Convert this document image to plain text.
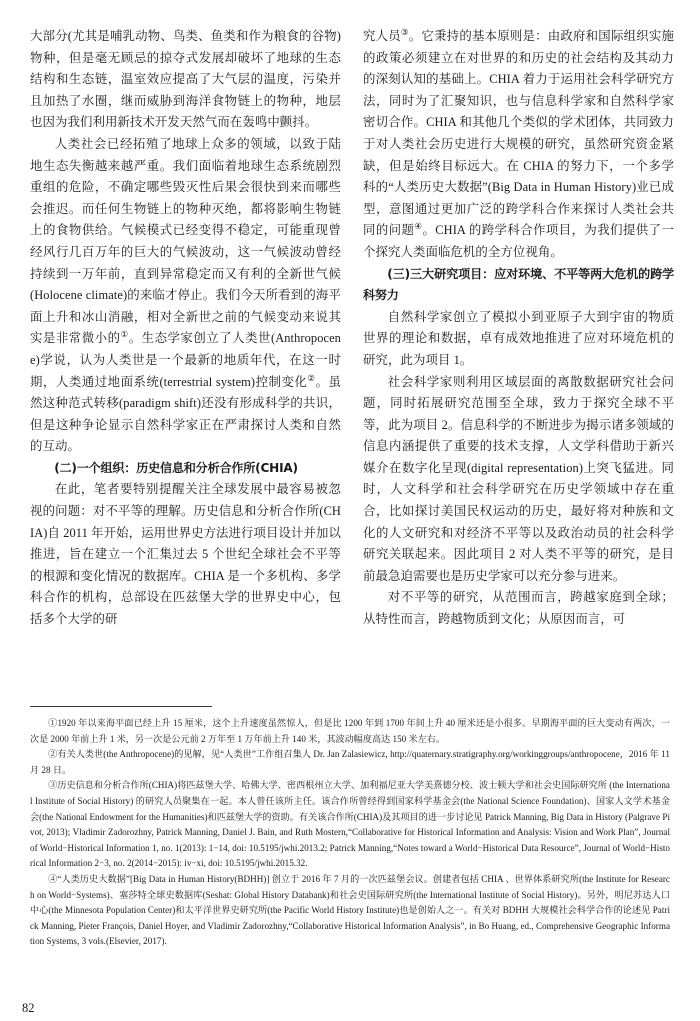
大部分(尤其是哺乳动物、鸟类、鱼类和作为粮食的谷物)物种，但是毫无顾忌的掠夺式发展却破坏了地球的生态结构和生态链，温室效应提高了大气层的温度，污染并且加热了水圈，继而威胁到海洋食物链上的物种，地层也因为我们利用新技术开发天然气而在轰鸣中颤抖。

人类社会已经拓殖了地球上众多的领域，以致于陆地生态失衡越来越严重。我们面临着地球生态系统剧烈重组的危险，不确定哪些毁灭性后果会很快到来而哪些会推迟。而任何生物链上的物种灭绝，都将影响生物链上的食物供给。气候模式已经变得不稳定，可能重现曾经风行几百万年的巨大的气候波动，这一气候波动曾经持续到一万年前，直到异常稳定而又有利的全新世气候(Holocene climate)的来临才停止。我们今天所看到的海平面上升和冰山消融，相对全新世之前的气候变动来说其实是非常微小的①。生态学家创立了人类世(Anthropocene)学说，认为人类世是一个最新的地质年代，在这一时期，人类通过地面系统(terrestrial system)控制变化②。虽然这种范式转移(paradigm shift)还没有形成科学的共识，但是这种争论显示自然科学家正在严肃探讨人类和自然的互动。

(二)一个组织：历史信息和分析合作所(CHIA)

在此，笔者要特别提醒关注全球发展中最容易被忽视的问题：对不平等的理解。历史信息和分析合作所(CHIA)自 2011 年开始，运用世界史方法进行项目设计并加以推进，旨在建立一个汇集过去 5 个世纪全球社会不平等的根源和变化情况的数据库。CHIA 是一个多机构、多学科合作的机构，总部设在匹兹堡大学的世界史中心，包括多个大学的研

究人员③。它秉持的基本原则是：由政府和国际组织实施的政策必须建立在对世界的和历史的社会结构及其动力的深刻认知的基础上。CHIA 着力于运用社会科学研究方法，同时为了汇聚知识，也与信息科学家和自然科学家密切合作。CHIA 和其他几个类似的学术团体，共同致力于对人类社会历史进行大规模的研究，虽然研究资金紧缺，但是始终目标远大。在 CHIA 的努力下，一个多学科的“人类历史大数据”(Big Data in Human History)业已成型，意图通过更加广泛的跨学科合作来探讨人类社会共同的问题④。CHIA 的跨学科合作项目，为我们提供了一个探究人类面临危机的全方位视角。

(三)三大研究项目：应对环境、不平等两大危机的跨学科努力

自然科学家创立了模拟小到亚原子大到宇宙的物质世界的理论和数据，卓有成效地推进了应对环境危机的研究，此为项目 1。

社会科学家则利用区域层面的离散数据研究社会问题，同时拓展研究范围至全球，致力于探究全球不平等，此为项目 2。信息科学的不断进步为揭示诸多领域的信息内涵提供了重要的技术支撑，人文学科借助于新兴媒介在数字化呈现(digital representation)上突飞猛进。同时，人文科学和社会科学研究在历史学领域中存在重合，比如探讨美国民权运动的历史，最好将对种族和文化的人文研究和对经济不平等以及政治动员的社会科学研究关联起来。因此项目 2 对人类不平等的研究，是目前最急迫需要也是历史学家可以充分参与进来。

对不平等的研究，从范围而言，跨越家庭到全球；从特性而言，跨越物质到文化；从原因而言，可

①1920 年以来海平面已经上升 15 厘米，这个上升速度虽然惊人，但是比 1200 年到 1700 年间上升 40 厘米还是小很多。早期海平面的巨大变动有两次，一次是 2000 年前上升 1 米，另一次是公元前 2 万年至 1 万年前上升 140 米，其波动幅度高达 150 米左右。

②有关人类世(the Anthropocene)的见解，见“人类世”工作组召集人 Dr. Jan Zalasiewicz, http://quaternary.stratigraphy.org/workinggroups/anthropocene，2016 年 11 月 28 日。

③历史信息和分析合作所(CHIA)将匹兹堡大学、哈佛大学、密西根州立大学、加利福尼亚大学美熹德分校、波士顿大学和社会史国际研究所 (the International Institute of Social History) 的研究人员聚集在一起。本人曾任该所主任。该合作所曾经得到国家科学基金会(the National Science Foundation)、国家人文学术基金会(the National Endowment for the Humanities)和匹兹堡大学的资助。有关该合作所(CHIA)及其项目的进一步讨论见 Patrick Manning, Big Data in History (Palgrave Pivot, 2013); Vladimir Zadorozhny, Patrick Manning, Daniel J. Bain, and Ruth Mostern,“Collaborative for Historical Information and Analysis: Vision and Work Plan”, Journal of World−Historical Information 1, no. 1(2013): 1−14, doi: 10.5195/jwhi.2013.2; Patrick Manning,“Notes toward a World−Historical Data Resource”, Journal of World−Historical Information 2−3, no. 2(2014−2015): iv−xi, doi: 10.5195/jwhi.2015.32.

④“人类历史大数据”[Big Data in Human History(BDHH)] 创立于 2016 年 7 月的一次匹兹堡会议。创建者包括 CHIA 、世界体系研究所(the Institute for Research on World−Systems)、塞莎特全球史数据库(Seshat: Global History Databank)和社会史国际研究所(the International Institute of Social History)。另外，明尼苏达人口中心(the Minnesota Population Center)和太平洋世界史研究所(the Pacific World History Institute)也是创始人之一。有关对 BDHH 大规模社会科学合作的论述见 Patrick Manning, Pieter François, Daniel Hoyer, and Vladimir Zadorozhny,“Collaborative Historical Information Analysis”, in Bo Huang, ed., Comprehensive Geographic Information Systems, 3 vols.(Elsevier, 2017).

82
